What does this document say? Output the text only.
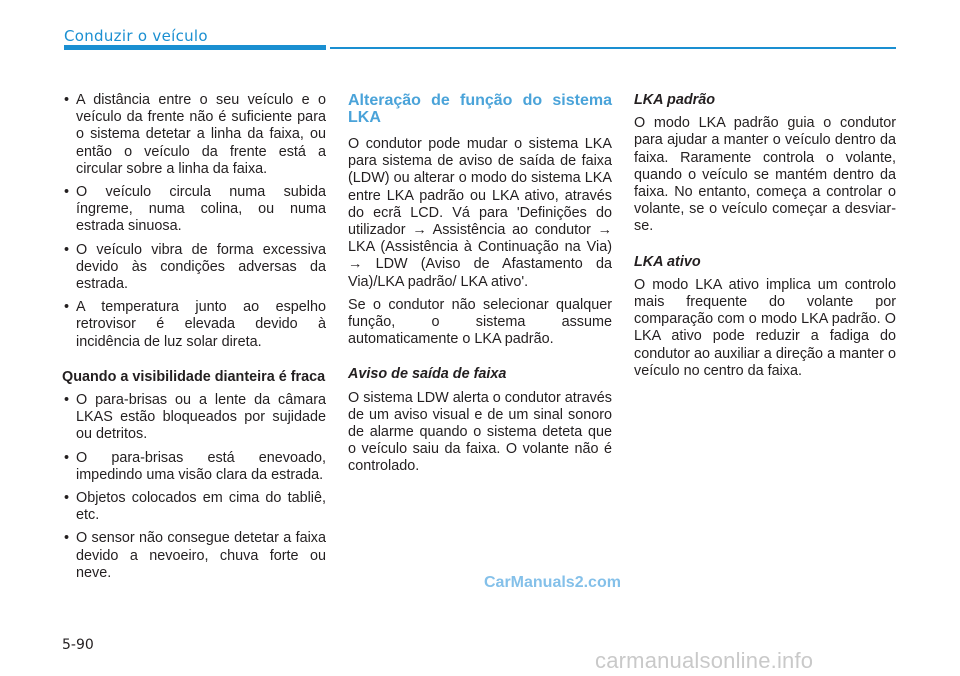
Conduzir o veículo
• A distância entre o seu veículo e o veículo da frente não é suficiente para o sistema detetar a linha da faixa, ou então o veículo da frente está a circular sobre a linha da faixa.
• O veículo circula numa subida íngreme, numa colina, ou numa estrada sinuosa.
• O veículo vibra de forma excessiva devido às condições adversas da estrada.
• A temperatura junto ao espelho retrovisor é elevada devido à incidência de luz solar direta.
Quando a visibilidade dianteira é fraca
• O para-brisas ou a lente da câmara LKAS estão bloqueados por sujidade ou detritos.
• O para-brisas está enevoado, impedindo uma visão clara da estrada.
• Objetos colocados em cima do tabliê, etc.
• O sensor não consegue detetar a faixa devido a nevoeiro, chuva forte ou neve.
Alteração de função do sistema LKA

O condutor pode mudar o sistema LKA para sistema de aviso de saída de faixa (LDW) ou alterar o modo do sistema LKA entre LKA padrão ou LKA ativo, através do ecrã LCD. Vá para 'Definições do utilizador → Assistência ao condutor → LKA (Assistência à Continuação na Via) → LDW (Aviso de Afastamento da Via)/LKA padrão/ LKA ativo'.

Se o condutor não selecionar qualquer função, o sistema assume automaticamente o LKA padrão.

Aviso de saída de faixa

O sistema LDW alerta o condutor através de um aviso visual e de um sinal sonoro de alarme quando o sistema deteta que o veículo saiu da faixa. O volante não é controlado.

LKA padrão

O modo LKA padrão guia o condutor para ajudar a manter o veículo dentro da faixa. Raramente controla o volante, quando o veículo se mantém dentro da faixa. No entanto, começa a controlar o volante, se o veículo começar a desviar-se.

LKA ativo

O modo LKA ativo implica um controlo mais frequente do volante por comparação com o modo LKA padrão. O LKA ativo pode reduzir a fadiga do condutor ao auxiliar a direção a manter o veículo no centro da faixa.

CarManuals2.com
5-90
carmanualsonline.info
